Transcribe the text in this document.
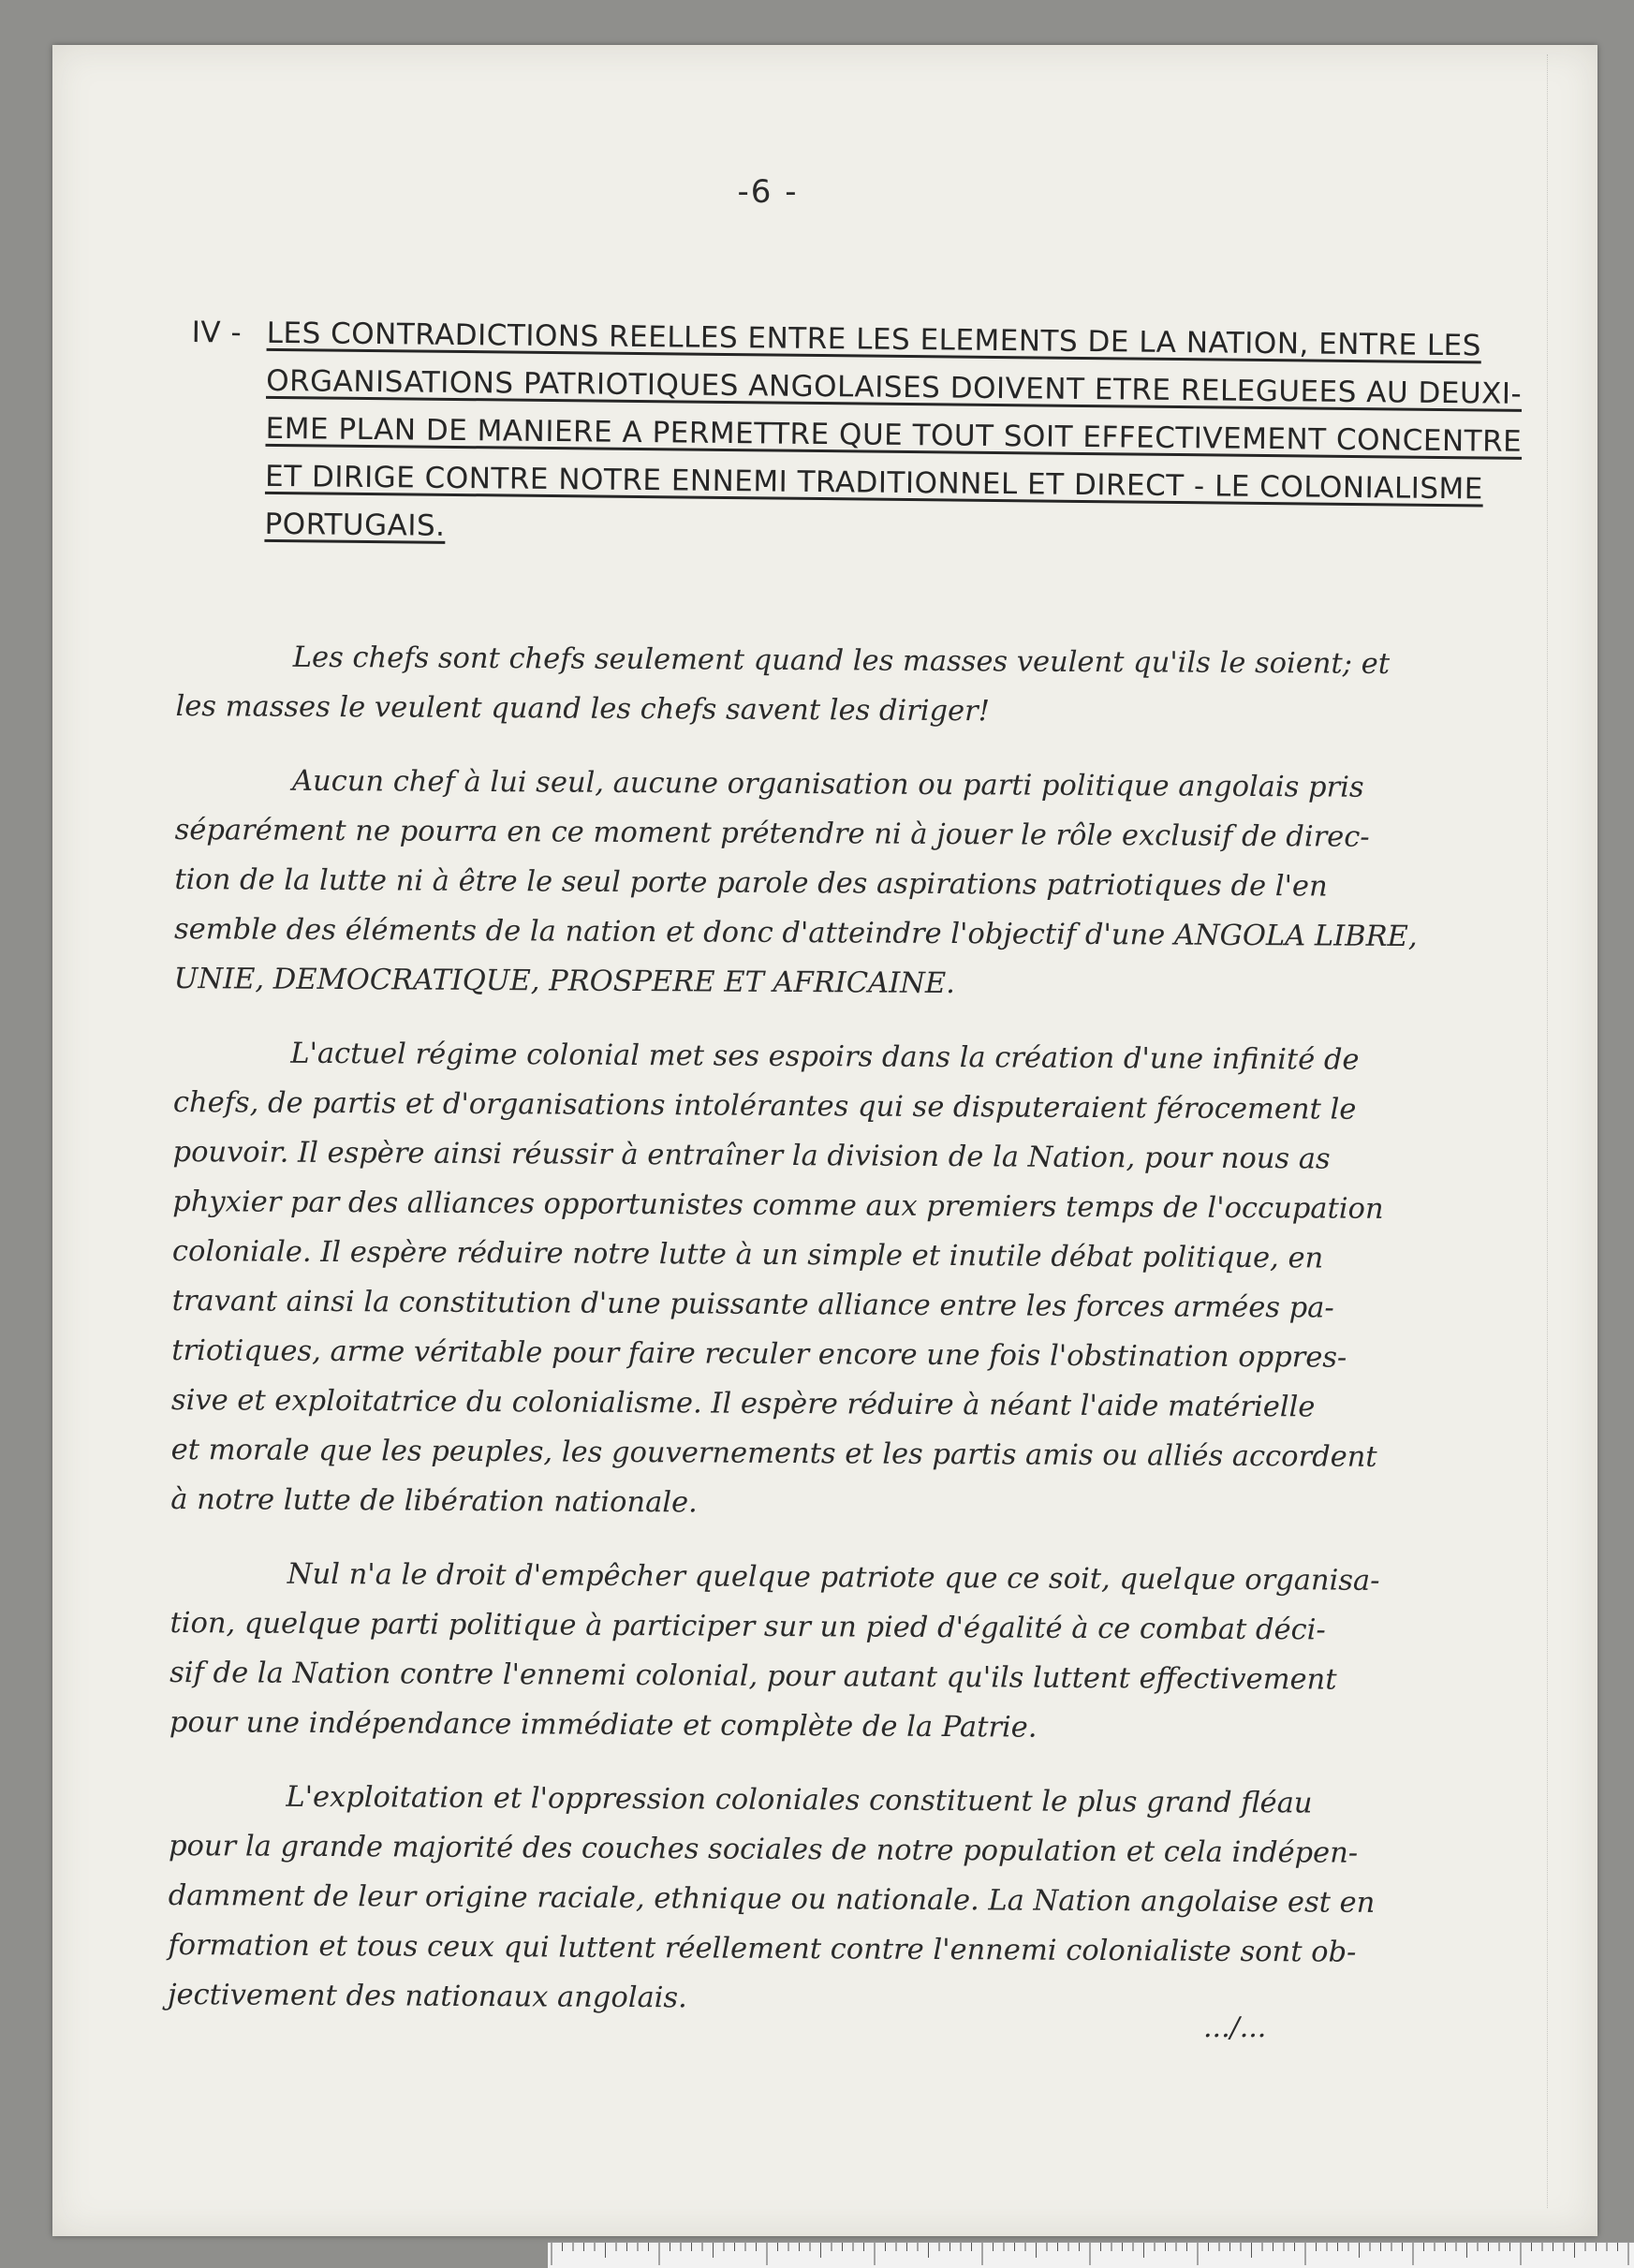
-6 -
IV - LES CONTRADICTIONS REELLES ENTRE LES ELEMENTS DE LA NATION, ENTRE LES
ORGANISATIONS PATRIOTIQUES ANGOLAISES DOIVENT ETRE RELEGUEES AU DEUXI-
EME PLAN DE MANIERE A PERMETTRE QUE TOUT SOIT EFFECTIVEMENT CONCENTRE
ET DIRIGE CONTRE NOTRE ENNEMI TRADITIONNEL ET DIRECT - LE COLONIALISME
PORTUGAIS.
Les chefs sont chefs seulement quand les masses veulent qu'ils le soient; et
les masses le veulent quand les chefs savent les diriger!
Aucun chef à lui seul, aucune organisation ou parti politique angolais pris
séparément ne pourra en ce moment prétendre ni à jouer le rôle exclusif de direc-
tion de la lutte ni à être le seul porte parole des aspirations patriotiques de l'en
semble des éléments de la nation et donc d'atteindre l'objectif d'une ANGOLA LIBRE,
UNIE, DEMOCRATIQUE, PROSPERE ET AFRICAINE.
L'actuel régime colonial met ses espoirs dans la création d'une infinité de
chefs, de partis et d'organisations intolérantes qui se disputeraient férocement le
pouvoir. Il espère ainsi réussir à entraîner la division de la Nation, pour nous as
phyxier par des alliances opportunistes comme aux premiers temps de l'occupation
coloniale. Il espère réduire notre lutte à un simple et inutile débat politique, en
travant ainsi la constitution d'une puissante alliance entre les forces armées pa-
triotiques, arme véritable pour faire reculer encore une fois l'obstination oppres-
sive et exploitatrice du colonialisme. Il espère réduire à néant l'aide matérielle
et morale que les peuples, les gouvernements et les partis amis ou alliés accordent
à notre lutte de libération nationale.
Nul n'a le droit d'empêcher quelque patriote que ce soit, quelque organisa-
tion, quelque parti politique à participer sur un pied d'égalité à ce combat déci-
sif de la Nation contre l'ennemi colonial, pour autant qu'ils luttent effectivement
pour une indépendance immédiate et complète de la Patrie.
L'exploitation et l'oppression coloniales constituent le plus grand fléau
pour la grande majorité des couches sociales de notre population et cela indépen-
damment de leur origine raciale, ethnique ou nationale. La Nation angolaise est en
formation et tous ceux qui luttent réellement contre l'ennemi colonialiste sont ob-
jectivement des nationaux angolais.
.../...
